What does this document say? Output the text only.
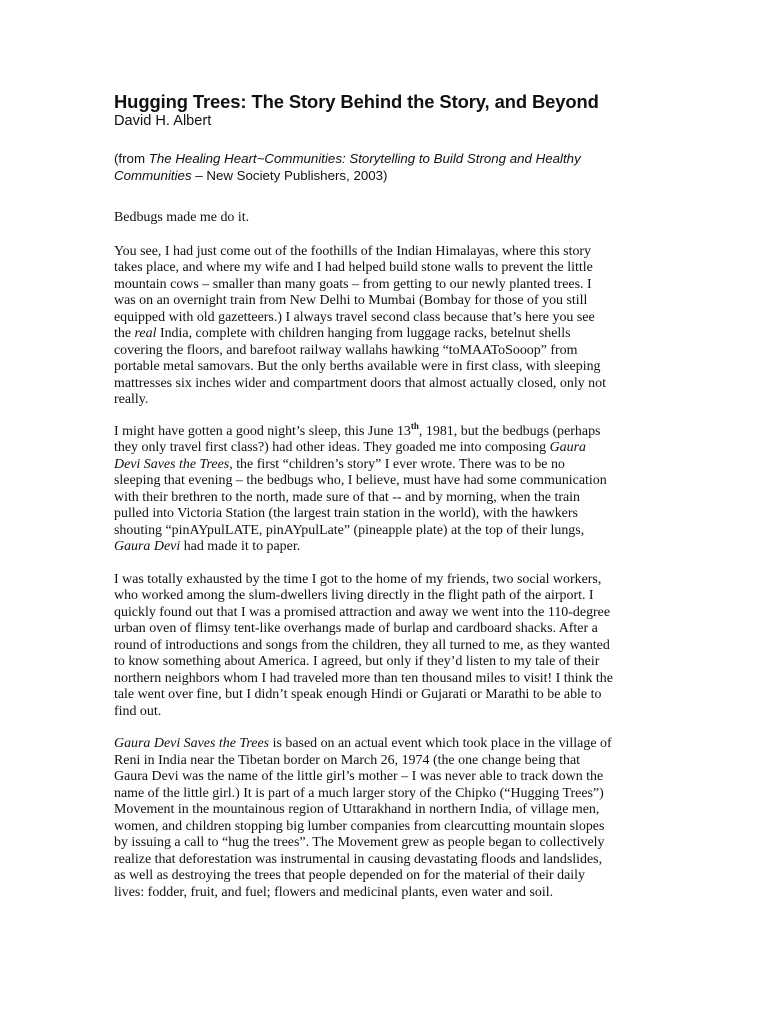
Hugging Trees: The Story Behind the Story, and Beyond

David H. Albert

(from The Healing Heart~Communities: Storytelling to Build Strong and Healthy
Communities – New Society Publishers, 2003)

Bedbugs made me do it.

You see, I had just come out of the foothills of the Indian Himalayas, where this story
takes place, and where my wife and I had helped build stone walls to prevent the little
mountain cows – smaller than many goats – from getting to our newly planted trees. I
was on an overnight train from New Delhi to Mumbai (Bombay for those of you still
equipped with old gazetteers.) I always travel second class because that’s here you see
the real India, complete with children hanging from luggage racks, betelnut shells
covering the floors, and barefoot railway wallahs hawking “toMAAToSooop” from
portable metal samovars. But the only berths available were in first class, with sleeping
mattresses six inches wider and compartment doors that almost actually closed, only not
really.

I might have gotten a good night’s sleep, this June 13th, 1981, but the bedbugs (perhaps
they only travel first class?) had other ideas. They goaded me into composing Gaura
Devi Saves the Trees, the first “children’s story” I ever wrote. There was to be no
sleeping that evening – the bedbugs who, I believe, must have had some communication
with their brethren to the north, made sure of that -- and by morning, when the train
pulled into Victoria Station (the largest train station in the world), with the hawkers
shouting “pinAYpulLATE, pinAYpulLate” (pineapple plate) at the top of their lungs,
Gaura Devi had made it to paper.

I was totally exhausted by the time I got to the home of my friends, two social workers,
who worked among the slum-dwellers living directly in the flight path of the airport. I
quickly found out that I was a promised attraction and away we went into the 110-degree
urban oven of flimsy tent-like overhangs made of burlap and cardboard shacks. After a
round of introductions and songs from the children, they all turned to me, as they wanted
to know something about America. I agreed, but only if they’d listen to my tale of their
northern neighbors whom I had traveled more than ten thousand miles to visit! I think the
tale went over fine, but I didn’t speak enough Hindi or Gujarati or Marathi to be able to
find out.

Gaura Devi Saves the Trees is based on an actual event which took place in the village of
Reni in India near the Tibetan border on March 26, 1974 (the one change being that
Gaura Devi was the name of the little girl’s mother – I was never able to track down the
name of the little girl.) It is part of a much larger story of the Chipko (“Hugging Trees”)
Movement in the mountainous region of Uttarakhand in northern India, of village men,
women, and children stopping big lumber companies from clearcutting mountain slopes
by issuing a call to “hug the trees”. The Movement grew as people began to collectively
realize that deforestation was instrumental in causing devastating floods and landslides,
as well as destroying the trees that people depended on for the material of their daily
lives: fodder, fruit, and fuel; flowers and medicinal plants, even water and soil.
